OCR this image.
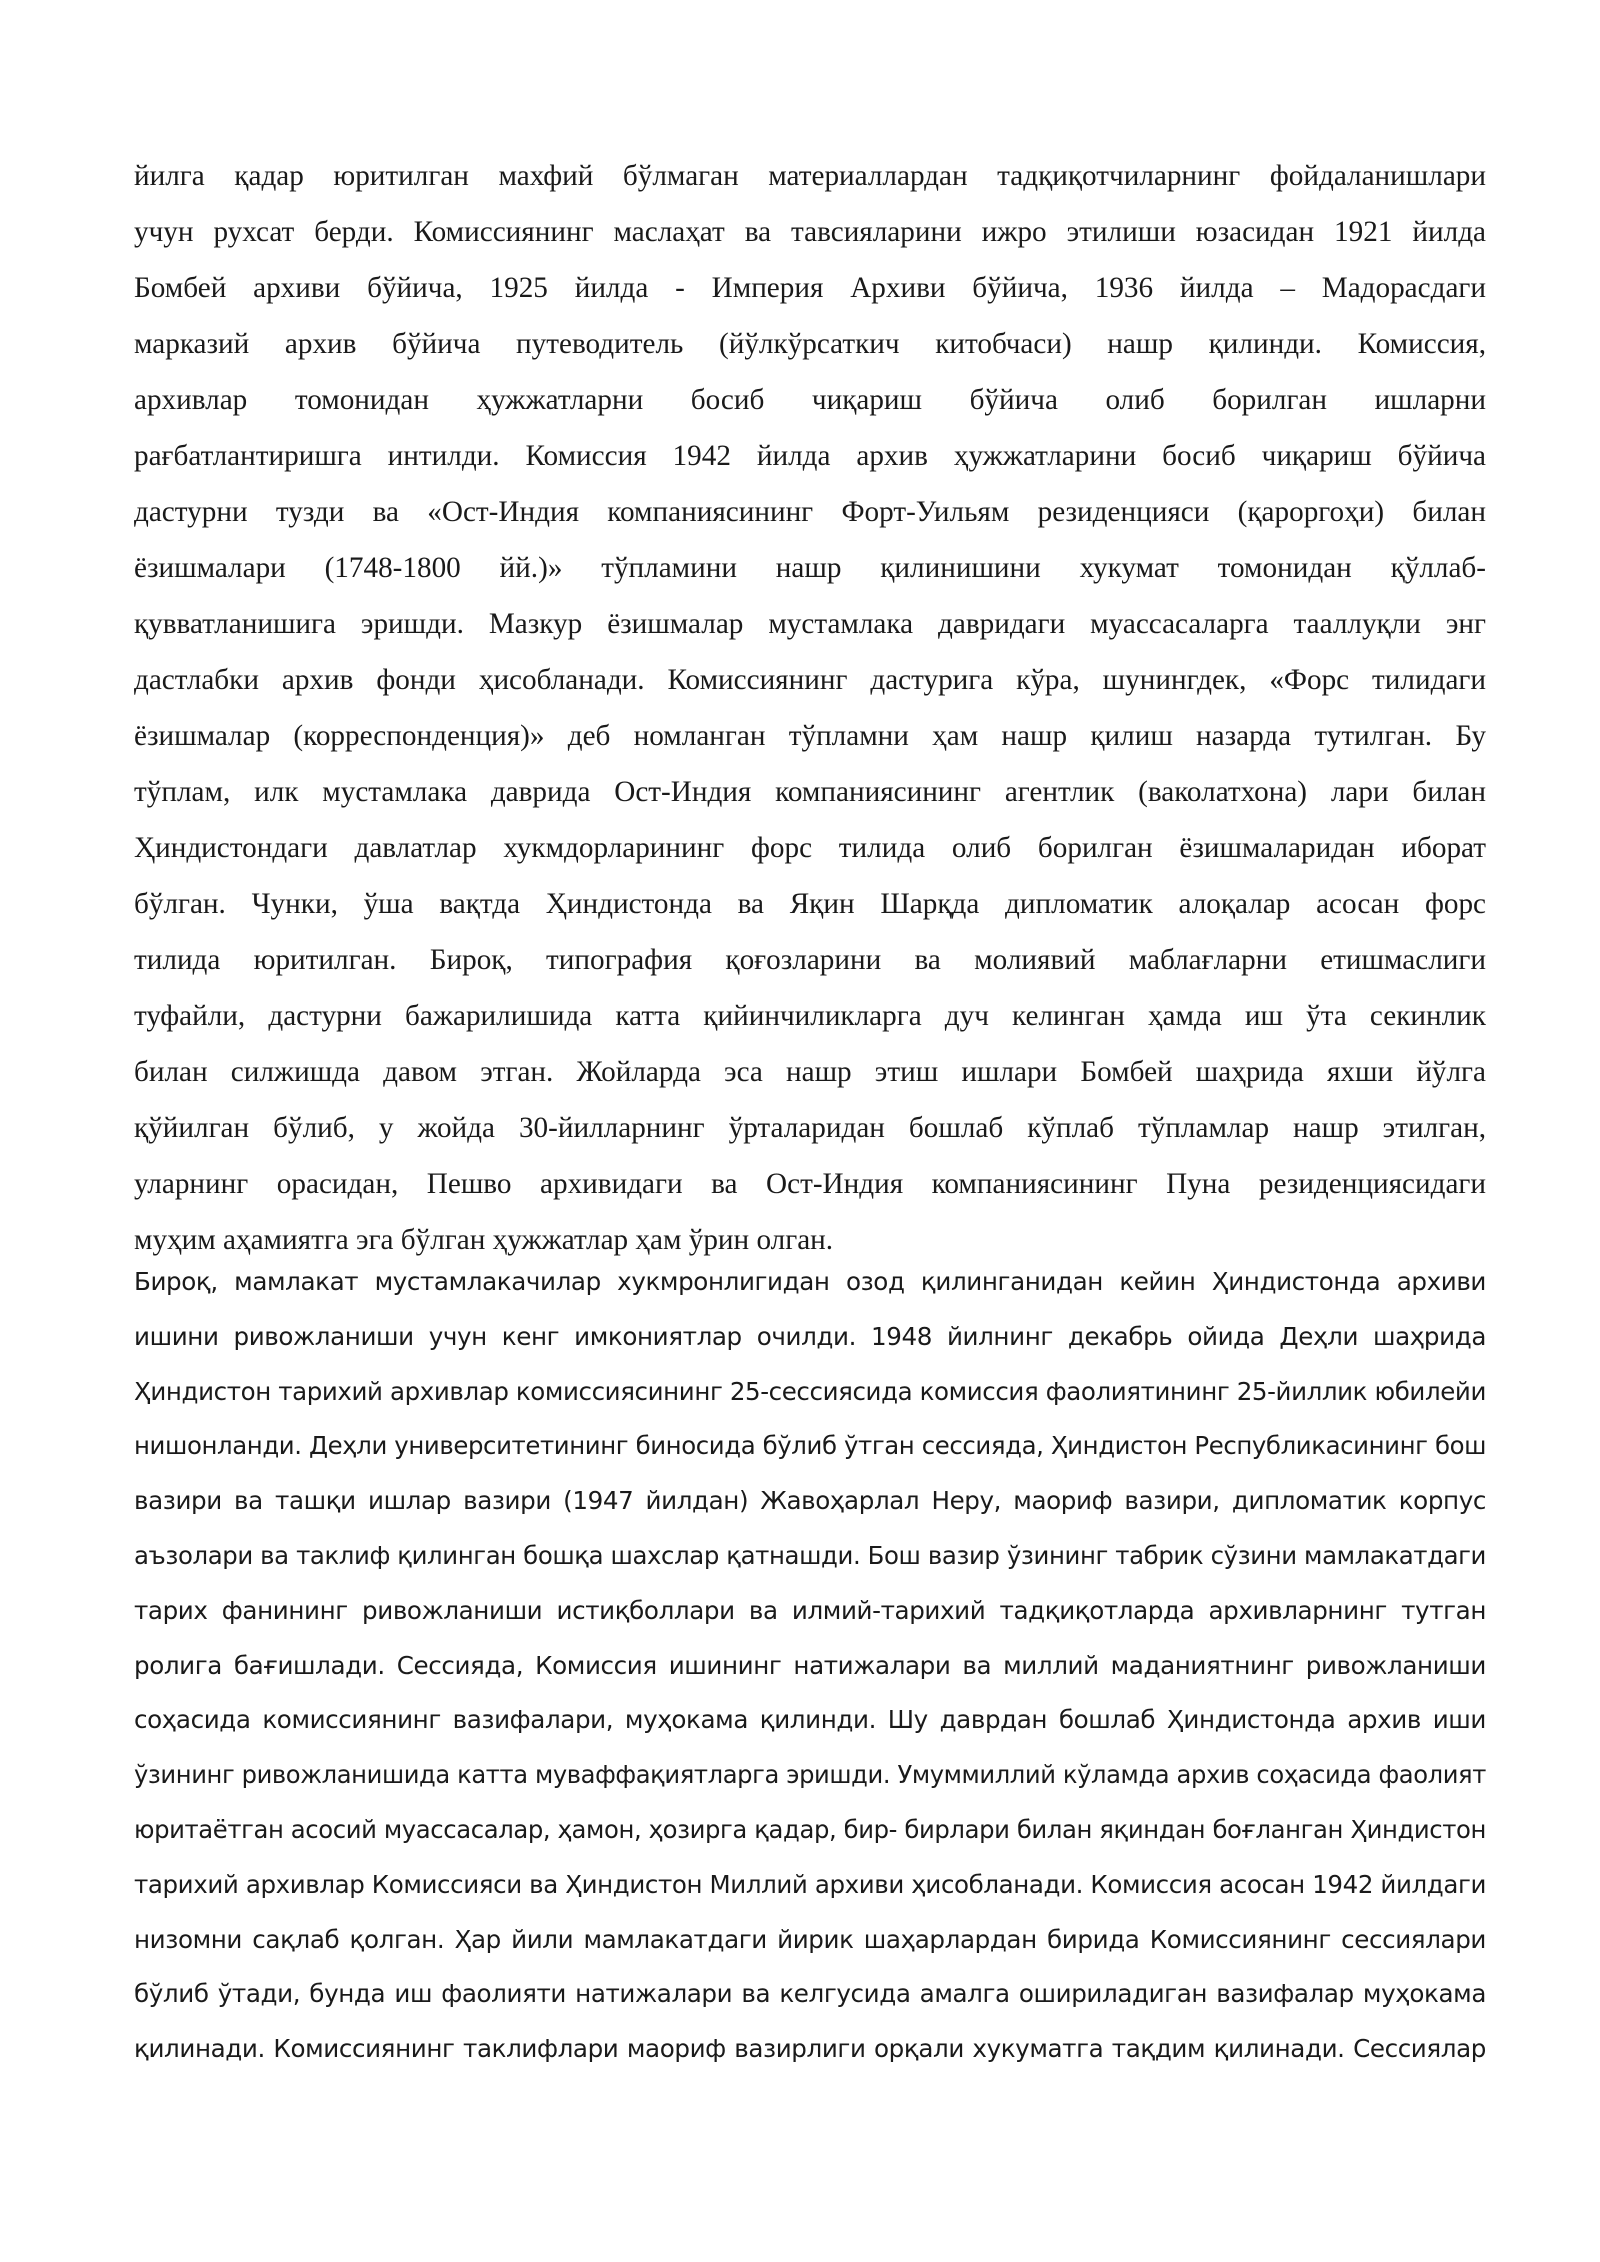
йилга қадар юритилган махфий бўлмаган материаллардан тадқиқотчиларнинг фойдаланишлари
учун рухсат берди. Комиссиянинг маслаҳат ва тавсияларини ижро этилиши юзасидан 1921 йилда
Бомбей архиви бўйича, 1925 йилда - Империя Архиви бўйича, 1936 йилда – Мадорасдаги
марказий архив бўйича путеводитель (йўлкўрсаткич китобчаси) нашр қилинди. Комиссия,
архивлар томонидан ҳужжатларни босиб чиқариш бўйича олиб борилган ишларни
рағбатлантиришга интилди. Комиссия 1942 йилда архив ҳужжатларини босиб чиқариш бўйича
дастурни тузди ва «Ост-Индия компаниясининг Форт-Уильям резиденцияси (қароргоҳи) билан
ёзишмалари (1748-1800 йй.)» тўпламини нашр қилинишини хукумат томонидан қўллаб-
қувватланишига эришди. Мазкур ёзишмалар мустамлака давридаги муассасаларга тааллуқли энг
дастлабки архив фонди ҳисобланади. Комиссиянинг дастурига кўра, шунингдек, «Форс тилидаги
ёзишмалар (корреспонденция)» деб номланган тўпламни ҳам нашр қилиш назарда тутилган. Бу
тўплам, илк мустамлака даврида Ост-Индия компаниясининг агентлик (ваколатхона) лари билан
Ҳиндистондаги давлатлар хукмдорларининг форс тилида олиб борилган ёзишмаларидан иборат
бўлган. Чунки, ўша вақтда Ҳиндистонда ва Яқин Шарқда дипломатик алоқалар асосан форс
тилида юритилган. Бироқ, типография қоғозларини ва молиявий маблағларни етишмаслиги
туфайли, дастурни бажарилишида катта қийинчиликларга дуч келинган ҳамда иш ўта секинлик
билан силжишда давом этган. Жойларда эса нашр этиш ишлари Бомбей шаҳрида яхши йўлга
қўйилган бўлиб, у жойда 30-йилларнинг ўрталаридан бошлаб кўплаб тўпламлар нашр этилган,
уларнинг орасидан, Пешво архивидаги ва Ост-Индия компаниясининг Пуна резиденциясидаги
муҳим аҳамиятга эга бўлган ҳужжатлар ҳам ўрин олган.
Бироқ, мамлакат мустамлакачилар хукмронлигидан озод қилинганидан кейин Ҳиндистонда архиви
ишини ривожланиши учун кенг имкониятлар очилди. 1948 йилнинг декабрь ойида Деҳли шаҳрида
Ҳиндистон тарихий архивлар комиссиясининг 25-сессиясида комиссия фаолиятининг 25-йиллик юбилейи
нишонланди. Деҳли университетининг биносида бўлиб ўтган сессияда, Ҳиндистон Республикасининг бош
вазири ва ташқи ишлар вазири (1947 йилдан) Жавоҳарлал Неру, маориф вазири, дипломатик корпус
аъзолари ва таклиф қилинган бошқа шахслар қатнашди. Бош вазир ўзининг табрик сўзини мамлакатдаги
тарих фанининг ривожланиши истиқболлари ва илмий-тарихий тадқиқотларда архивларнинг тутган
ролига бағишлади. Сессияда, Комиссия ишининг натижалари ва миллий маданиятнинг ривожланиши
соҳасида комиссиянинг вазифалари, муҳокама қилинди. Шу даврдан бошлаб Ҳиндистонда архив иши
ўзининг ривожланишида катта муваффақиятларга эришди. Умуммиллий кўламда архив соҳасида фаолият
юритаётган асосий муассасалар, ҳамон, ҳозирга қадар, бир- бирлари билан яқиндан боғланган Ҳиндистон
тарихий архивлар Комиссияси ва Ҳиндистон Миллий архиви ҳисобланади. Комиссия асосан 1942 йилдаги
низомни сақлаб қолган. Ҳар йили мамлакатдаги йирик шаҳарлардан бирида Комиссиянинг сессиялари
бўлиб ўтади, бунда иш фаолияти натижалари ва келгусида амалга ошириладиган вазифалар муҳокама
қилинади. Комиссиянинг таклифлари маориф вазирлиги орқали хукуматга тақдим қилинади. Сессиялар
